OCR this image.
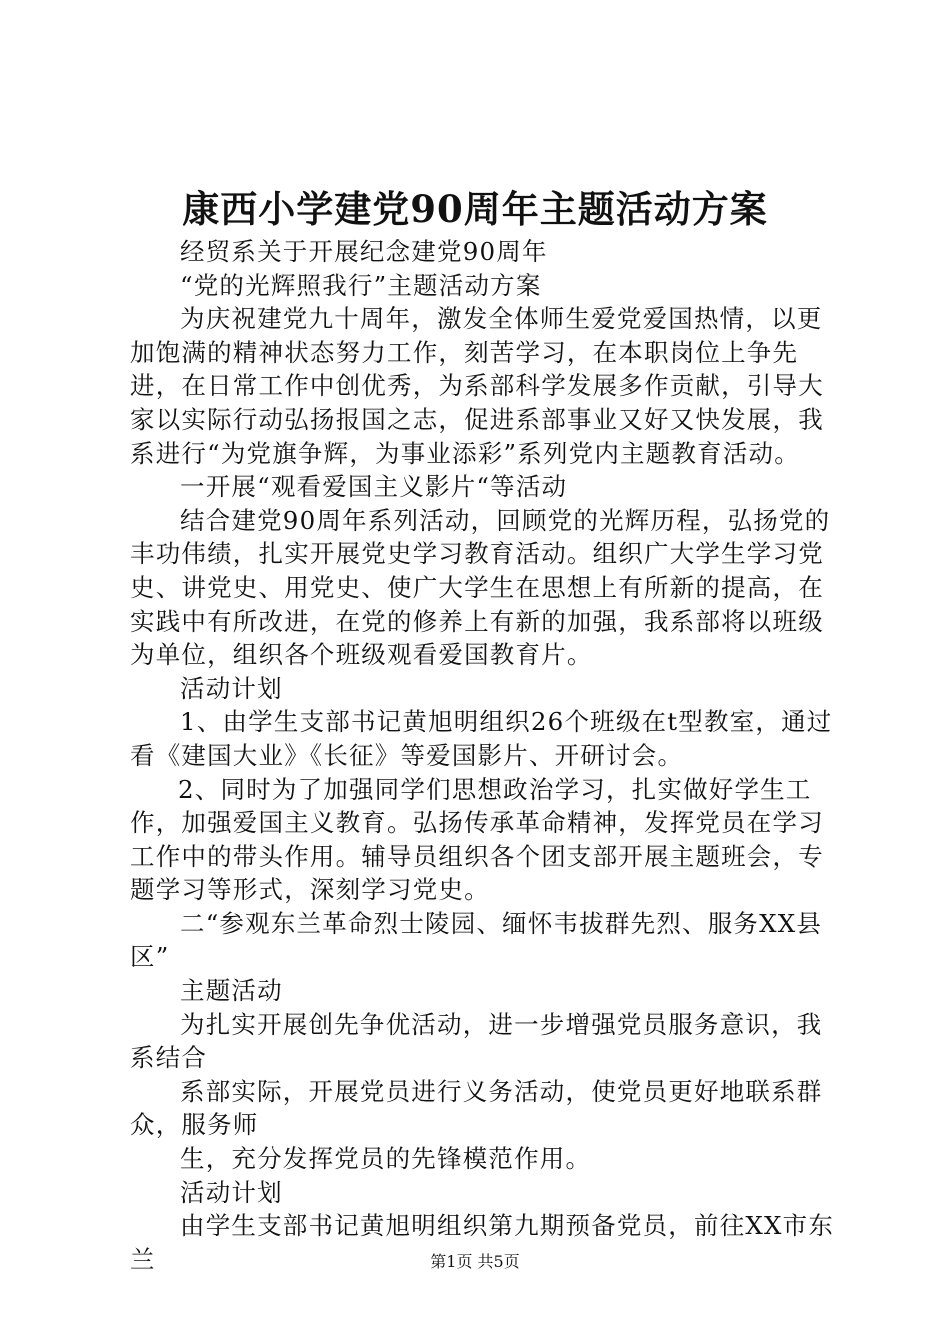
康西小学建党90周年主题活动方案

经贸系关于开展纪念建党90周年

“党的光辉照我行”主题活动方案

为庆祝建党九十周年，激发全体师生爱党爱国热情，以更加饱满的精神状态努力工作，刻苦学习，在本职岗位上争先进，在日常工作中创优秀，为系部科学发展多作贡献，引导大家以实际行动弘扬报国之志，促进系部事业又好又快发展，我系进行“为党旗争辉，为事业添彩”系列党内主题教育活动。

一开展“观看爱国主义影片“等活动

结合建党90周年系列活动，回顾党的光辉历程，弘扬党的丰功伟绩，扎实开展党史学习教育活动。组织广大学生学习党史、讲党史、用党史、使广大学生在思想上有所新的提高，在实践中有所改进，在党的修养上有新的加强，我系部将以班级为单位，组织各个班级观看爱国教育片。

活动计划

1、由学生支部书记黄旭明组织26个班级在t型教室，通过看《建国大业》《长征》等爱国影片、开研讨会。

2、同时为了加强同学们思想政治学习，扎实做好学生工作，加强爱国主义教育。弘扬传承革命精神，发挥党员在学习工作中的带头作用。辅导员组织各个团支部开展主题班会，专题学习等形式，深刻学习党史。

二“参观东兰革命烈士陵园、缅怀韦拔群先烈、服务XX县区”

主题活动

为扎实开展创先争优活动，进一步增强党员服务意识，我系结合

系部实际，开展党员进行义务活动，使党员更好地联系群众，服务师

生，充分发挥党员的先锋模范作用。

活动计划

由学生支部书记黄旭明组织第九期预备党员，前往XX市东兰	第1页 共5页
